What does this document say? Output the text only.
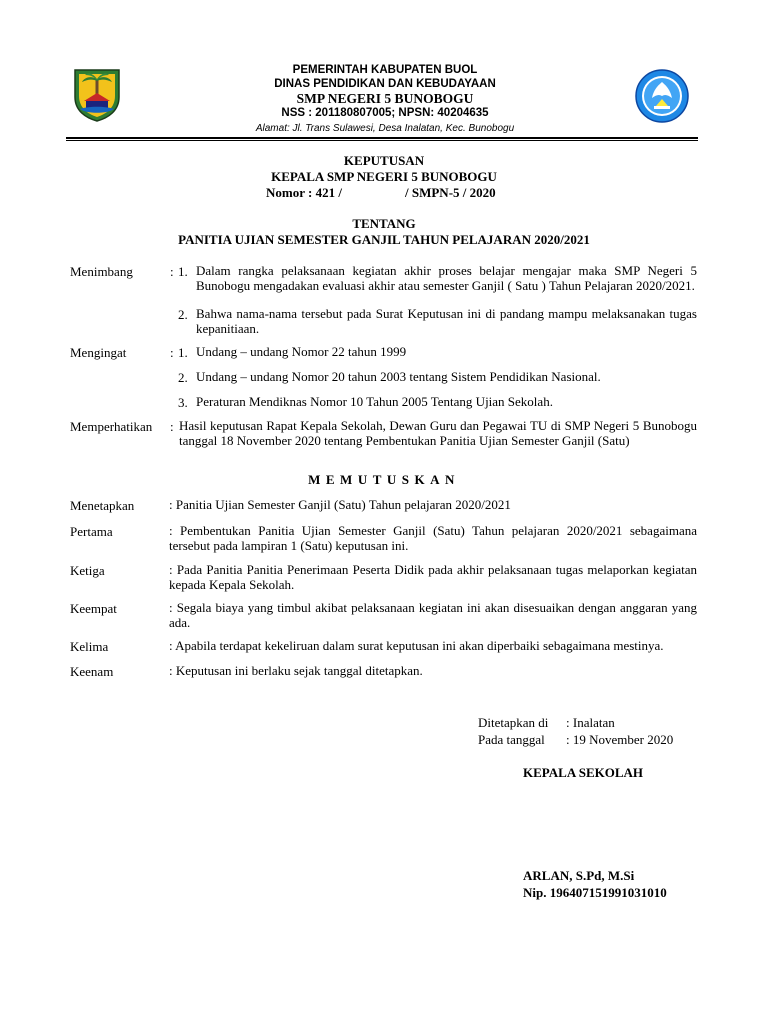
PEMERINTAH KABUPATEN BUOL
DINAS PENDIDIKAN DAN KEBUDAYAAN
SMP NEGERI 5 BUNOBOGU
NSS : 201180807005; NPSN: 40204635
Alamat: Jl. Trans Sulawesi, Desa Inalatan, Kec. Bunobogu
KEPUTUSAN
KEPALA SMP NEGERI 5 BUNOBOGU
Nomor : 421 /	/ SMPN-5 / 2020
TENTANG
PANITIA UJIAN SEMESTER GANJIL TAHUN PELAJARAN 2020/2021
Menimbang	: 1. Dalam rangka pelaksanaan kegiatan akhir proses belajar mengajar maka SMP Negeri 5 Bunobogu mengadakan evaluasi akhir atau semester Ganjil ( Satu ) Tahun Pelajaran 2020/2021.
2. Bahwa nama-nama tersebut pada Surat Keputusan ini di pandang mampu melaksanakan tugas kepanitiaan.
Mengingat	: 1. Undang – undang Nomor 22 tahun 1999
2. Undang – undang Nomor 20 tahun 2003 tentang Sistem Pendidikan Nasional.
3. Peraturan Mendiknas Nomor 10 Tahun 2005 Tentang Ujian Sekolah.
Memperhatikan : Hasil keputusan Rapat Kepala Sekolah, Dewan Guru dan Pegawai TU di SMP Negeri 5 Bunobogu tanggal 18 November 2020 tentang Pembentukan Panitia Ujian Semester Ganjil (Satu)
MEMUTUSKAN
Menetapkan	: Panitia Ujian Semester Ganjil (Satu) Tahun pelajaran 2020/2021
Pertama	: Pembentukan Panitia Ujian Semester Ganjil (Satu) Tahun pelajaran 2020/2021 sebagaimana tersebut pada lampiran 1 (Satu) keputusan ini.
Ketiga	: Pada Panitia Panitia Penerimaan Peserta Didik pada akhir pelaksanaan tugas melaporkan kegiatan kepada Kepala Sekolah.
Keempat	: Segala biaya yang timbul akibat pelaksanaan kegiatan ini akan disesuaikan dengan anggaran yang ada.
Kelima	: Apabila terdapat kekeliruan dalam surat keputusan ini akan diperbaiki sebagaimana mestinya.
Keenam	: Keputusan ini berlaku sejak tanggal ditetapkan.
Ditetapkan di : Inalatan
Pada tanggal : 19 November 2020
KEPALA SEKOLAH
ARLAN, S.Pd, M.Si
Nip. 196407151991031010
